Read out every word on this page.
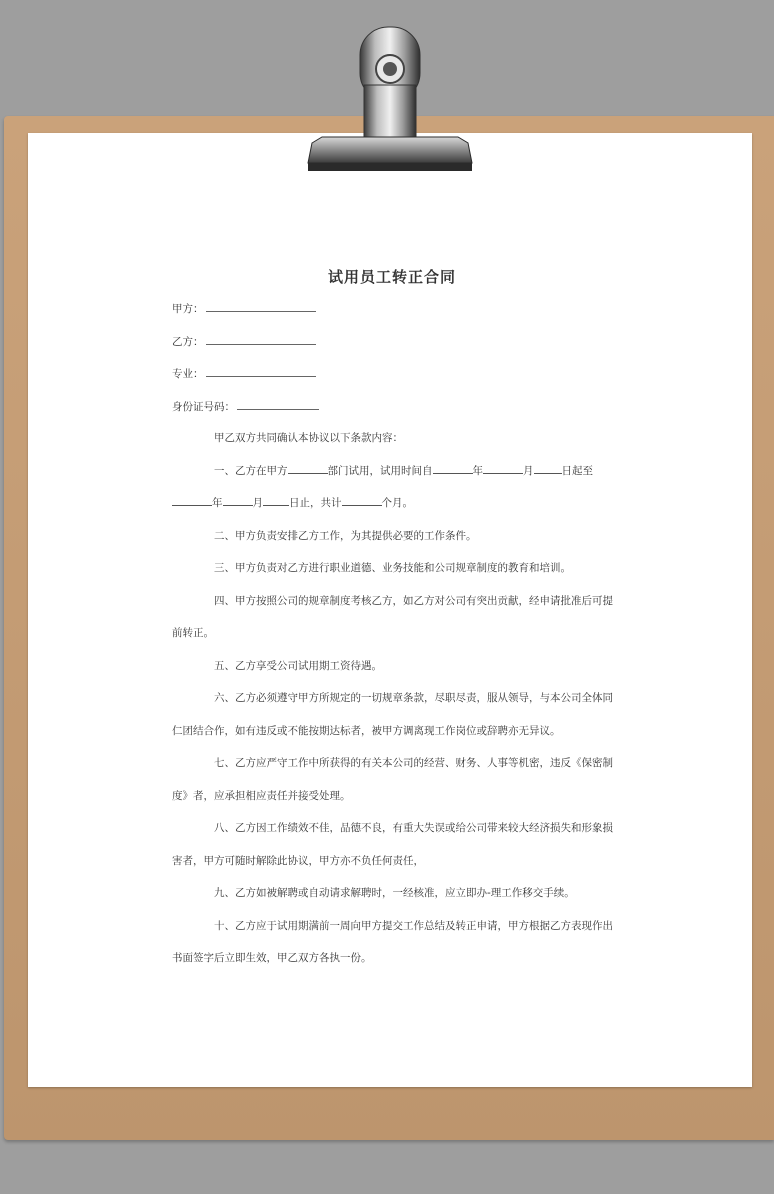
试用员工转正合同
甲方：
乙方：
专业：
身份证号码：
甲乙双方共同确认本协议以下条款内容：
一、乙方在甲方	部门试用，试用时间自	年	月	日起至
年	月 日止，共计	个月。
二、甲方负责安排乙方工作，为其提供必要的工作条件。
三、甲方负责对乙方进行职业道德、业务技能和公司规章制度的教育和培训。
四、甲方按照公司的规章制度考核乙方，如乙方对公司有突出贡献，经申请批准后可提
前转正。
五、乙方享受公司试用期工资待遇。
六、乙方必须遵守甲方所规定的一切规章条款，尽职尽责，服从领导，与本公司全体同
仁团结合作，如有违反或不能按期达标者，被甲方调离现工作岗位或辞聘亦无异议。
七、乙方应严守工作中所获得的有关本公司的经营、财务、人事等机密，违反《保密制
度》者，应承担相应责任并接受处理。
八、乙方因工作绩效不佳，品德不良，有重大失误或给公司带来较大经济损失和形象损
害者，甲方可随时解除此协议，甲方亦不负任何责任，
九、乙方如被解聘或自动请求解聘时，一经核准，应立即办-理工作移交手续。
十、乙方应于试用期满前一周向甲方提交工作总结及转正申请，甲方根据乙方表现作出
书面签字后立即生效，甲乙双方各执一份。
